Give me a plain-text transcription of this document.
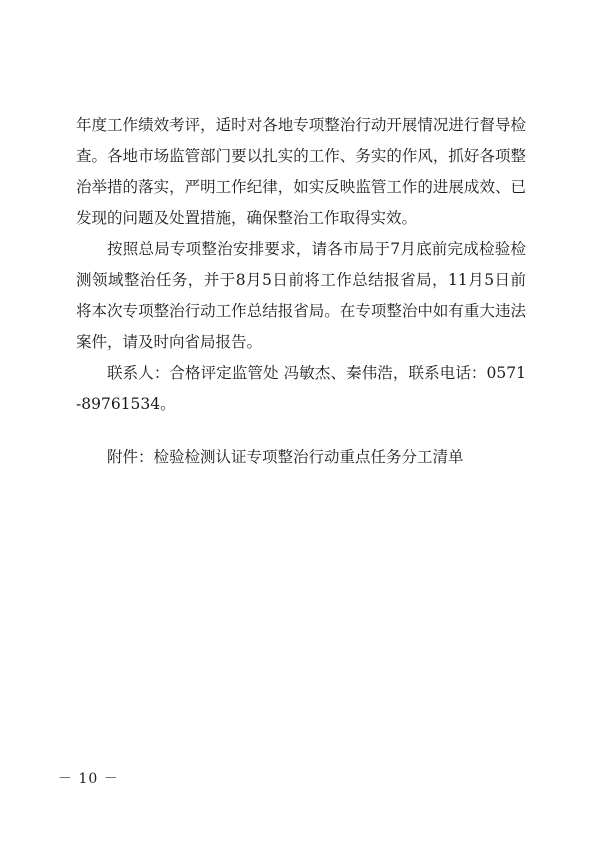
年度工作绩效考评，适时对各地专项整治行动开展情况进行督导检查。各地市场监管部门要以扎实的工作、务实的作风，抓好各项整治举措的落实，严明工作纪律，如实反映监管工作的进展成效、已发现的问题及处置措施，确保整治工作取得实效。

按照总局专项整治安排要求，请各市局于7月底前完成检验检测领域整治任务，并于8月5日前将工作总结报省局，11月5日前将本次专项整治行动工作总结报省局。在专项整治中如有重大违法案件，请及时向省局报告。

联系人：合格评定监管处 冯敏杰、秦伟浩，联系电话：0571-89761534。

附件：检验检测认证专项整治行动重点任务分工清单

－ 10 －
